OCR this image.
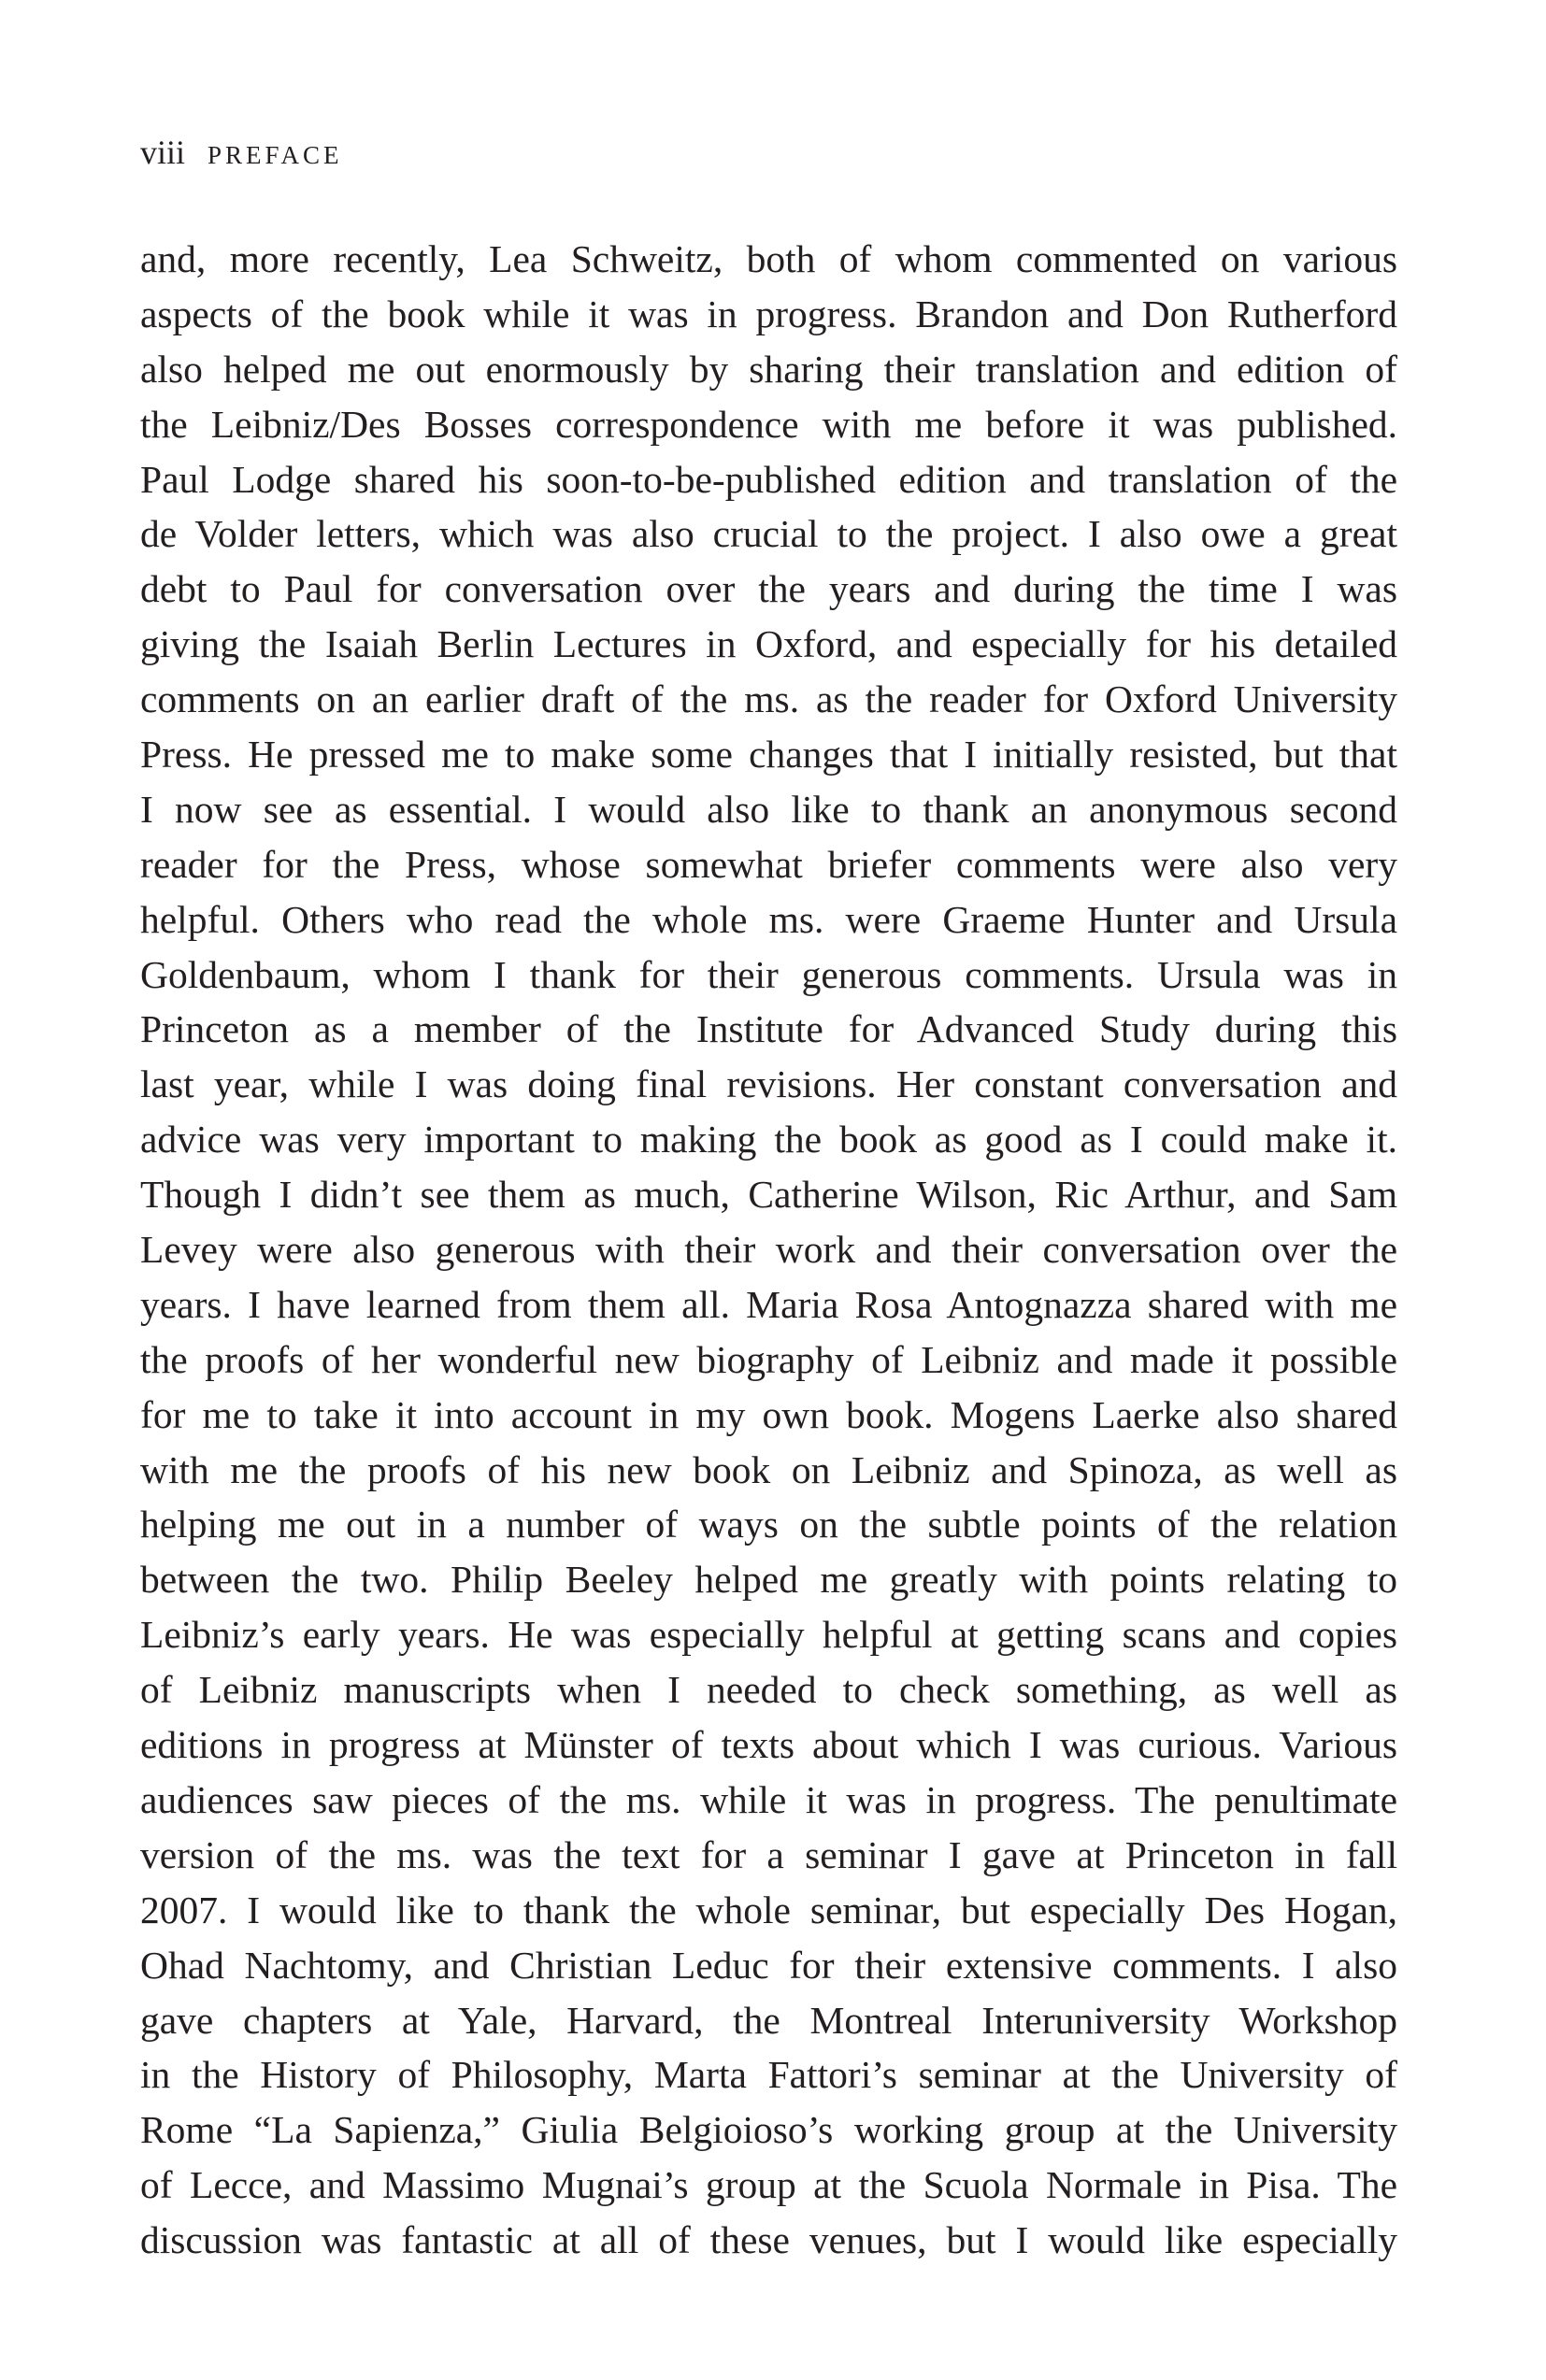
viii PREFACE
and, more recently, Lea Schweitz, both of whom commented on various
aspects of the book while it was in progress. Brandon and Don Rutherford
also helped me out enormously by sharing their translation and edition of
the Leibniz/Des Bosses correspondence with me before it was published.
Paul Lodge shared his soon-to-be-published edition and translation of the
de Volder letters, which was also crucial to the project. I also owe a great
debt to Paul for conversation over the years and during the time I was
giving the Isaiah Berlin Lectures in Oxford, and especially for his detailed
comments on an earlier draft of the ms. as the reader for Oxford University
Press. He pressed me to make some changes that I initially resisted, but that
I now see as essential. I would also like to thank an anonymous second
reader for the Press, whose somewhat briefer comments were also very
helpful. Others who read the whole ms. were Graeme Hunter and Ursula
Goldenbaum, whom I thank for their generous comments. Ursula was in
Princeton as a member of the Institute for Advanced Study during this
last year, while I was doing final revisions. Her constant conversation and
advice was very important to making the book as good as I could make it.
Though I didn’t see them as much, Catherine Wilson, Ric Arthur, and Sam
Levey were also generous with their work and their conversation over the
years. I have learned from them all. Maria Rosa Antognazza shared with me
the proofs of her wonderful new biography of Leibniz and made it possible
for me to take it into account in my own book. Mogens Laerke also shared
with me the proofs of his new book on Leibniz and Spinoza, as well as
helping me out in a number of ways on the subtle points of the relation
between the two. Philip Beeley helped me greatly with points relating to
Leibniz’s early years. He was especially helpful at getting scans and copies
of Leibniz manuscripts when I needed to check something, as well as
editions in progress at Münster of texts about which I was curious. Various
audiences saw pieces of the ms. while it was in progress. The penultimate
version of the ms. was the text for a seminar I gave at Princeton in fall
2007. I would like to thank the whole seminar, but especially Des Hogan,
Ohad Nachtomy, and Christian Leduc for their extensive comments. I also
gave chapters at Yale, Harvard, the Montreal Interuniversity Workshop
in the History of Philosophy, Marta Fattori’s seminar at the University of
Rome “La Sapienza,” Giulia Belgioioso’s working group at the University
of Lecce, and Massimo Mugnai’s group at the Scuola Normale in Pisa. The
discussion was fantastic at all of these venues, but I would like especially
